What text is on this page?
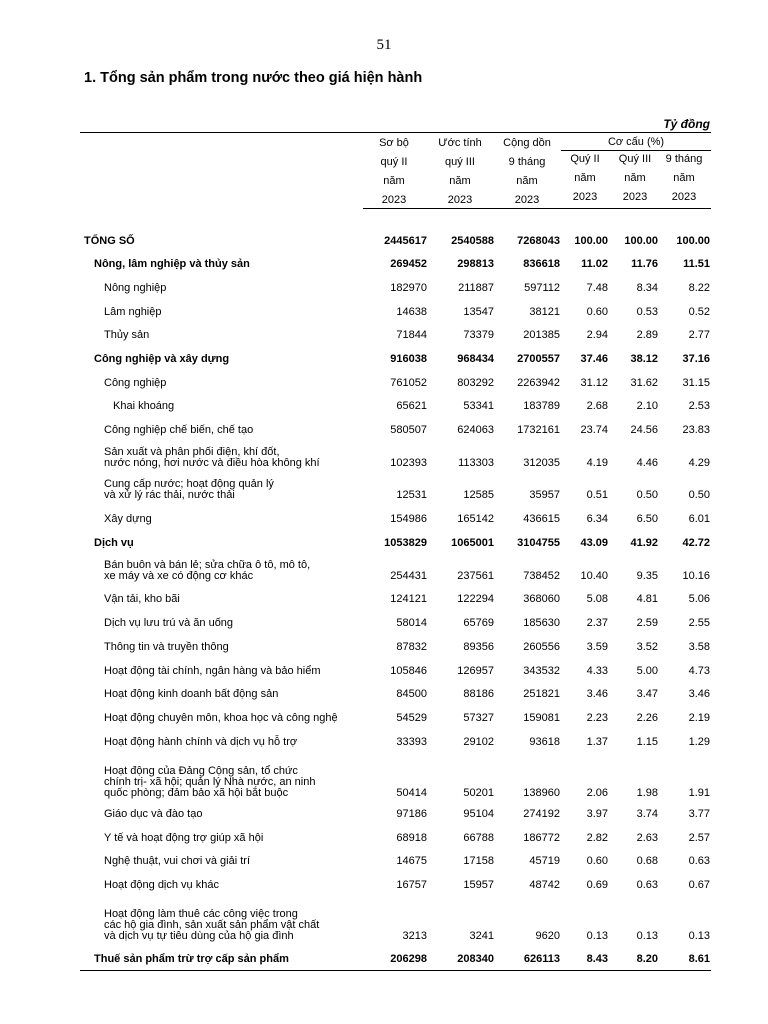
51
1. Tổng sản phẩm trong nước theo giá hiện hành
Tỷ đồng
Cơ cấu (%)
Sơ bộ
quý II
năm
2023
Ước tính
quý III
năm
2023
Cộng dồn
9 tháng
năm
2023
Quý II
năm
2023
Quý III
năm
2023
9 tháng
năm
2023
TỔNG SỐ	2445617 2540588 7268043 100.00 100.00 100.00
Nông, lâm nghiệp và thủy sản	269452	298813	836618 11.02 11.76 11.51
Nông nghiệp	182970	211887	597112 7.48	8.34	8.22
Lâm nghiệp	14638	13547	38121 0.60	0.53	0.52
Thủy sản	71844	73379	201385 2.94	2.89	2.77
Công nghiệp và xây dựng	916038	968434 2700557 37.46 38.12 37.16
Công nghiệp	761052	803292 2263942 31.12 31.62 31.15
Khai khoáng	65621	53341	183789 2.68	2.10	2.53
Công nghiệp chế biến, chế tạo	580507	624063 1732161 23.74 24.56 23.83
Sản xuất và phân phối điện, khí đốt,
nước nóng, hơi nước và điều hòa không khí	102393	113303	312035 4.19	4.46	4.29
Cung cấp nước; hoạt động quản lý
và xử lý rác thải, nước thải	12531	12585	35957 0.51	0.50	0.50
Xây dựng	154986	165142	436615 6.34	6.50	6.01
Dịch vụ	1053829 1065001 3104755 43.09 41.92 42.72
Bán buôn và bán lẻ; sửa chữa ô tô, mô tô,
xe máy và xe có động cơ khác	254431	237561	738452 10.40	9.35 10.16
Vận tải, kho bãi	124121	122294	368060 5.08	4.81	5.06
Dịch vụ lưu trú và ăn uống	58014	65769	185630 2.37	2.59	2.55
Thông tin và truyền thông	87832	89356	260556 3.59	3.52	3.58
Hoạt động tài chính, ngân hàng và bảo hiểm	105846	126957	343532 4.33	5.00	4.73
Hoạt động kinh doanh bất động sản	84500	88186	251821 3.46	3.47	3.46
Hoạt động chuyên môn, khoa học và công nghệ	54529	57327	159081 2.23	2.26	2.19
Hoạt động hành chính và dịch vụ hỗ trợ	33393	29102	93618 1.37	1.15	1.29
Hoạt động của Đảng Cộng sản, tổ chức
chính trị- xã hội; quản lý Nhà nước, an ninh
quốc phòng; đảm bảo xã hội bắt buộc	50414	50201	138960 2.06	1.98	1.91
Giáo dục và đào tạo	97186	95104	274192 3.97	3.74	3.77
Y tế và hoạt động trợ giúp xã hội	68918	66788	186772 2.82	2.63	2.57
Nghệ thuật, vui chơi và giải trí	14675	17158	45719 0.60	0.68	0.63
Hoạt động dịch vụ khác	16757	15957	48742 0.69	0.63	0.67
Hoạt động làm thuê các công việc trong
các hộ gia đình, sản xuất sản phẩm vật chất
và dịch vụ tự tiêu dùng của hộ gia đình	3213	3241	9620 0.13	0.13	0.13
Thuế sản phẩm trừ trợ cấp sản phẩm	206298	208340	626113 8.43	8.20	8.61
